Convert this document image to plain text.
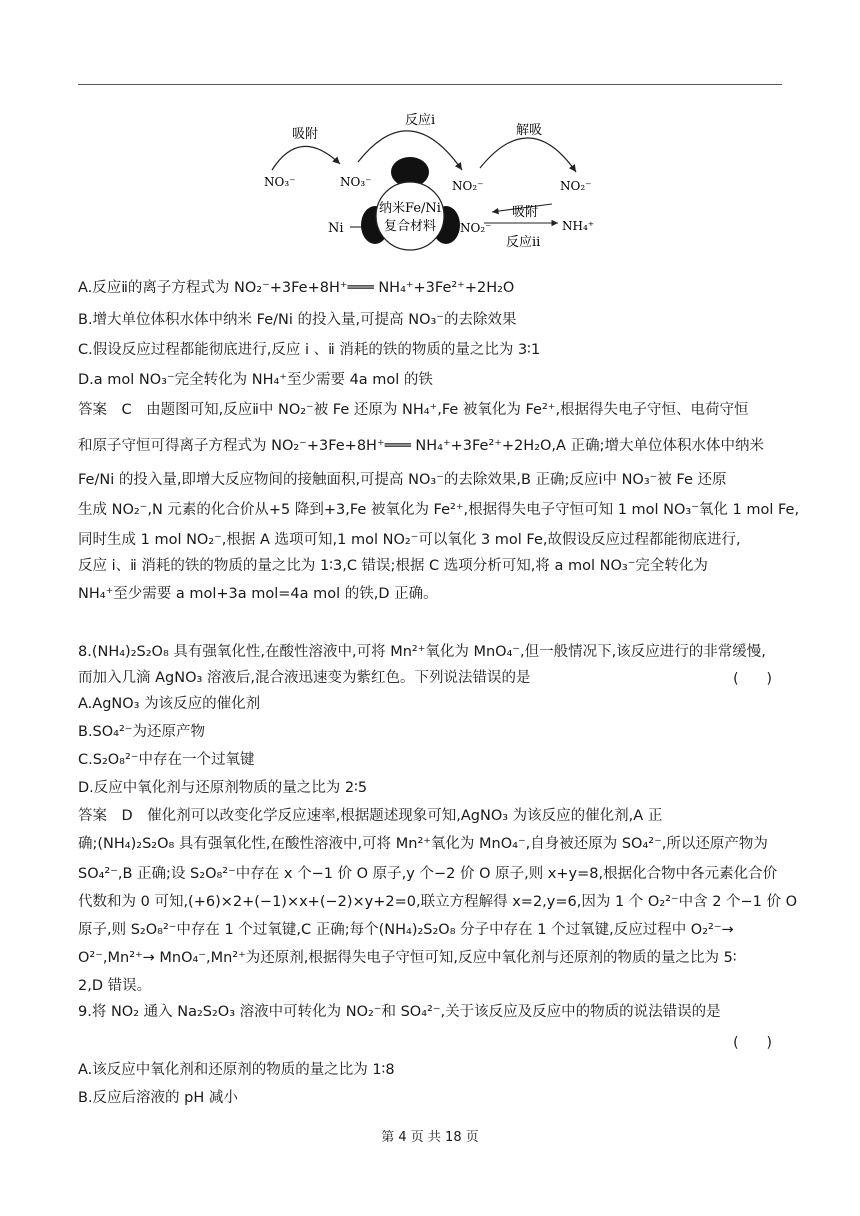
纳米Fe/Ni
复合材料
吸附
反应ⅰ
解吸
NO₃⁻	NO₃⁻	NO₂⁻	NO₂⁻
NO₂⁻	NH₄⁺
Ni
吸附
反应ⅱ
A.反应ⅱ的离子方程式为 NO₂⁻+3Fe+8H⁺═══ NH₄⁺+3Fe²⁺+2H₂O
B.增大单位体积水体中纳米 Fe/Ni 的投入量,可提高 NO₃⁻的去除效果
C.假设反应过程都能彻底进行,反应 ⅰ 、ⅱ 消耗的铁的物质的量之比为 3∶1
D.a mol NO₃⁻完全转化为 NH₄⁺至少需要 4a mol 的铁
答案　C　由题图可知,反应ⅱ中 NO₂⁻被 Fe 还原为 NH₄⁺,Fe 被氧化为 Fe²⁺,根据得失电子守恒、电荷守恒
和原子守恒可得离子方程式为 NO₂⁻+3Fe+8H⁺═══ NH₄⁺+3Fe²⁺+2H₂O,A 正确;增大单位体积水体中纳米
Fe/Ni 的投入量,即增大反应物间的接触面积,可提高 NO₃⁻的去除效果,B 正确;反应ⅰ中 NO₃⁻被 Fe 还原
生成 NO₂⁻,N 元素的化合价从+5 降到+3,Fe 被氧化为 Fe²⁺,根据得失电子守恒可知 1 mol NO₃⁻氧化 1 mol Fe,
同时生成 1 mol NO₂⁻,根据 A 选项可知,1 mol NO₂⁻可以氧化 3 mol Fe,故假设反应过程都能彻底进行,
反应 ⅰ、ⅱ 消耗的铁的物质的量之比为 1∶3,C 错误;根据 C 选项分析可知,将 a mol NO₃⁻完全转化为
NH₄⁺至少需要 a mol+3a mol=4a mol 的铁,D 正确。
8.(NH₄)₂S₂O₈ 具有强氧化性,在酸性溶液中,可将 Mn²⁺氧化为 MnO₄⁻,但一般情况下,该反应进行的非常缓慢,
而加入几滴 AgNO₃ 溶液后,混合液迅速变为紫红色。下列说法错误的是	(　　)
A.AgNO₃ 为该反应的催化剂
B.SO₄²⁻为还原产物
C.S₂O₈²⁻中存在一个过氧键
D.反应中氧化剂与还原剂物质的量之比为 2∶5
答案　D　催化剂可以改变化学反应速率,根据题述现象可知,AgNO₃ 为该反应的催化剂,A 正
确;(NH₄)₂S₂O₈ 具有强氧化性,在酸性溶液中,可将 Mn²⁺氧化为 MnO₄⁻,自身被还原为 SO₄²⁻,所以还原产物为
SO₄²⁻,B 正确;设 S₂O₈²⁻中存在 x 个−1 价 O 原子,y 个−2 价 O 原子,则 x+y=8,根据化合物中各元素化合价
代数和为 0 可知,(+6)×2+(−1)×x+(−2)×y+2=0,联立方程解得 x=2,y=6,因为 1 个 O₂²⁻中含 2 个−1 价 O
原子,则 S₂O₈²⁻中存在 1 个过氧键,C 正确;每个(NH₄)₂S₂O₈ 分子中存在 1 个过氧键,反应过程中 O₂²⁻→
O²⁻,Mn²⁺→ MnO₄⁻,Mn²⁺为还原剂,根据得失电子守恒可知,反应中氧化剂与还原剂的物质的量之比为 5∶
2,D 错误。
9.将 NO₂ 通入 Na₂S₂O₃ 溶液中可转化为 NO₂⁻和 SO₄²⁻,关于该反应及反应中的物质的说法错误的是
(　　)
A.该反应中氧化剂和还原剂的物质的量之比为 1∶8
B.反应后溶液的 pH 减小
第 4 页 共 18 页
